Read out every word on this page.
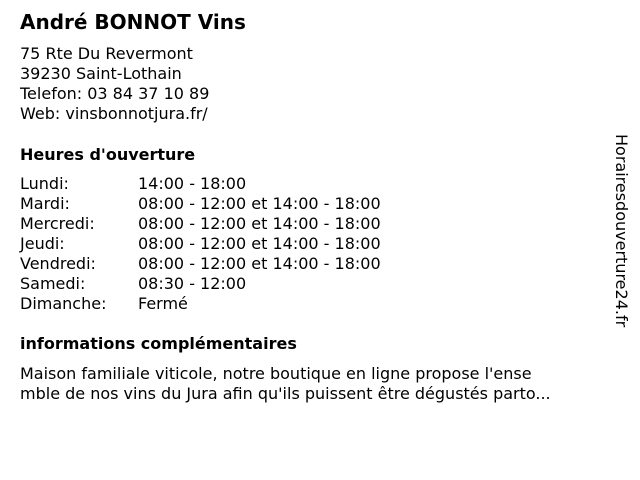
André BONNOT Vins
75 Rte Du Revermont
39230 Saint-Lothain
Telefon: 03 84 37 10 89
Web: vinsbonnotjura.fr/
Heures d'ouverture
Lundi:	14:00 - 18:00
Mardi:	08:00 - 12:00 et 14:00 - 18:00
Mercredi:	08:00 - 12:00 et 14:00 - 18:00
Jeudi:	08:00 - 12:00 et 14:00 - 18:00
Vendredi:	08:00 - 12:00 et 14:00 - 18:00
Samedi:	08:30 - 12:00
Dimanche: Fermé
informations complémentaires
Maison familiale viticole, notre boutique en ligne propose l'ense
mble de nos vins du Jura afin qu'ils puissent être dégustés parto...
Horairesdouverture24.fr
